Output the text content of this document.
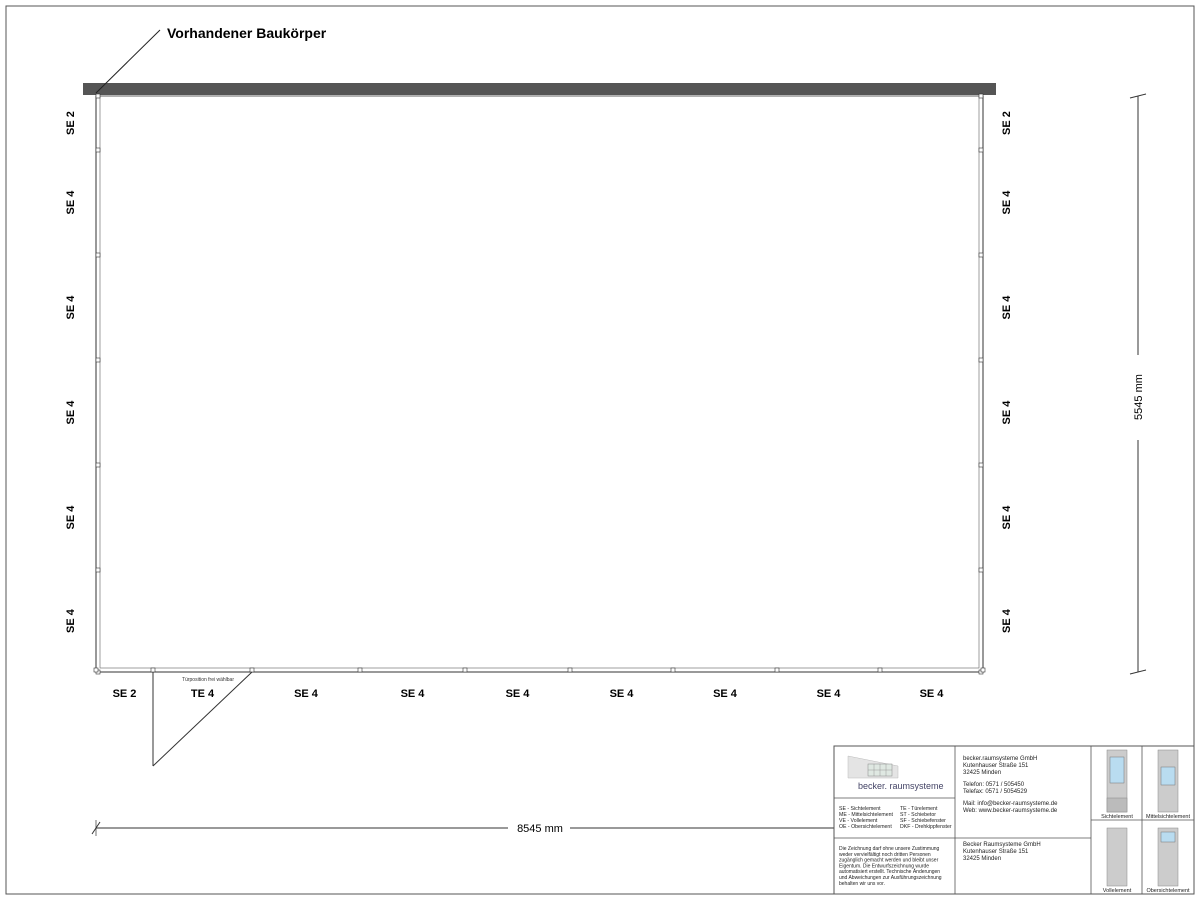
Vorhandener Baukörper
Türposition frei wählbar
SE 2
SE 4
SE 4
SE 4
SE 4
SE 4
SE 2
SE 4
SE 4
SE 4
SE 4
SE 4
SE 2	TE 4	SE 4	SE 4	SE 4	SE 4	SE 4	SE 4	SE 4
8545 mm
5545 mm
becker. raumsysteme
becker.raumsysteme GmbH
Kutenhauser Straße 151
32425 Minden
Telefon: 0571 / 505450
Telefax: 0571 / 5054529
Mail: info@becker-raumsysteme.de
Web: www.becker-raumsysteme.de
Becker Raumsysteme GmbH
Kutenhauser Straße 151
32425 Minden
SE - Sichtelement
ME - Mittelsichtelement
VE - Vollelement
OE - Obersichtelement
TE - Türelement
ST - Schiebetor
SF - Schiebefenster
DKF - Drehkippfenster
Die Zeichnung darf ohne unsere Zustimmung
weder vervielfältigt noch dritten Personen
zugänglich gemacht werden und bleibt unser
Eigentum. Die Entwurfszeichnung wurde
automatisiert erstellt. Technische Änderungen
und Abweichungen zur Ausführungszeichnung
behalten wir uns vor.
Sichtelement Mittelsichtelement
Vollelement	Obersichtelement
